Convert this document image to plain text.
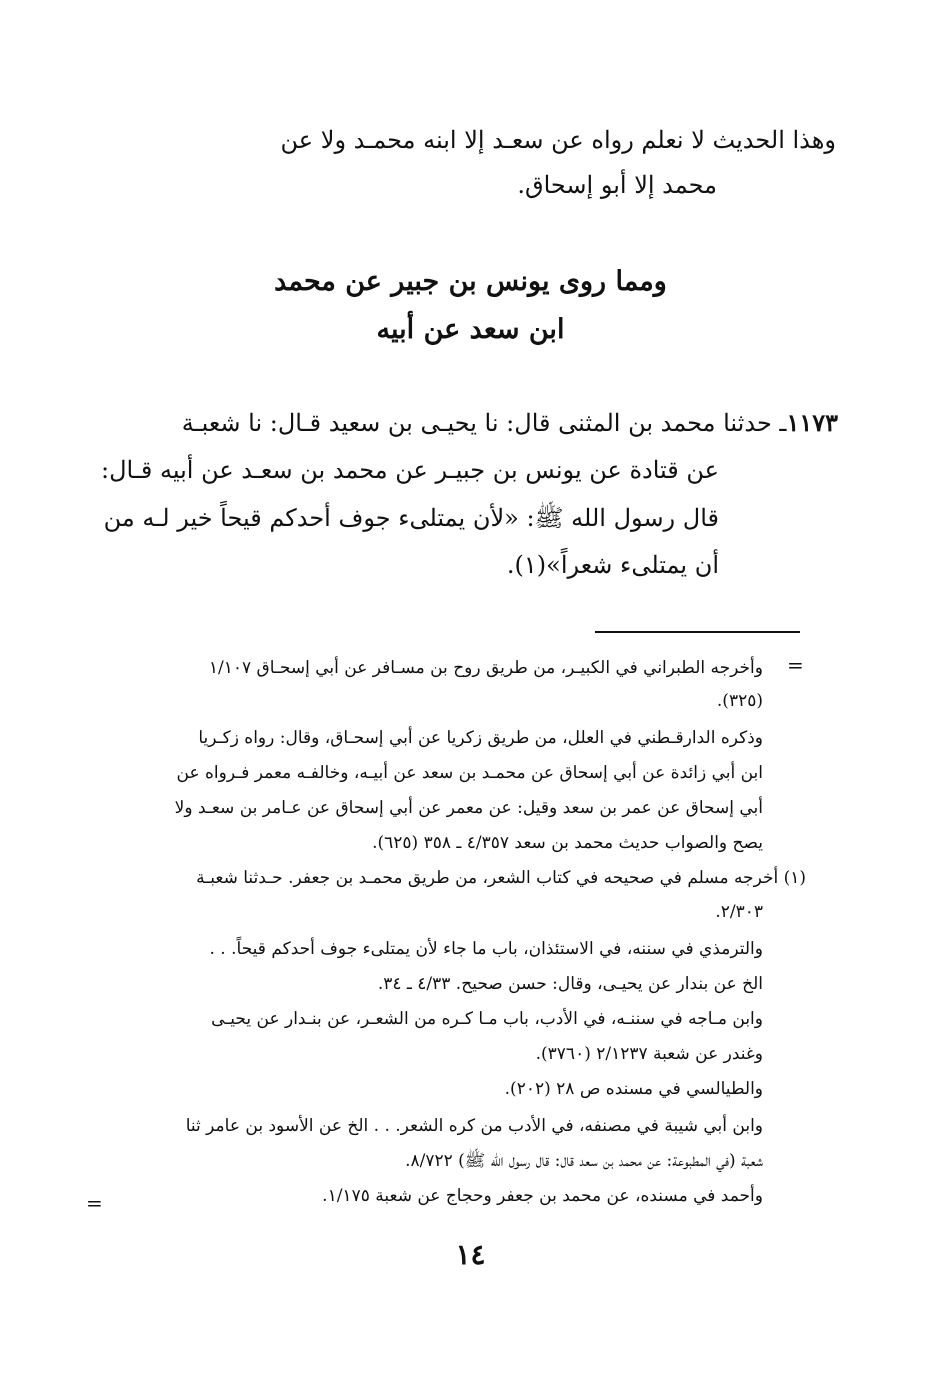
وهذا الحديث لا نعلم رواه عن سعـد إلا ابنه محمـد ولا عن
محمد إلا أبو إسحاق.
ومما روى يونس بن جبير عن محمد
ابن سعد عن أبيه
١١٧٣ـ حدثنا محمد بن المثنى قال: نا يحيـى بن سعيد قـال: نا شعبـة
عن قتادة عن يونس بن جبيـر عن محمد بن سعـد عن أبيه قـال:
قال رسول الله ﷺ: «لأن يمتلىء جوف أحدكم قيحاً خير لـه من
أن يمتلىء شعراً»(١).
=
وأخرجه الطبراني في الكبيـر، من طريق روح بن مسـافر عن أبي إسحـاق ١/١٠٧
(٣٢٥).
وذكره الدارقـطني في العلل، من طريق زكريا عن أبي إسحـاق، وقال: رواه زكـريا
ابن أبي زائدة عن أبي إسحاق عن محمـد بن سعد عن أبيـه، وخالفـه معمر فـرواه عن
أبي إسحاق عن عمر بن سعد وقيل: عن معمر عن أبي إسحاق عن عـامر بن سعـد ولا
يصح والصواب حديث محمد بن سعد ٤/٣٥٧ ـ ٣٥٨ (٦٢٥).
(١) أخرجه مسلم في صحيحه في كتاب الشعر، من طريق محمـد بن جعفر. حـدثنا شعبـة
٢/٣٠٣.
والترمذي في سننه، في الاستئذان، باب ما جاء لأن يمتلىء جوف أحدكم قيحاً. . .
الخ عن بندار عن يحيـى، وقال: حسن صحيح. ٤/٣٣ ـ ٣٤.
وابن مـاجه في سننـه، في الأدب، باب مـا كـره من الشعـر، عن بنـدار عن يحيـى
وغندر عن شعبة ٢/١٢٣٧ (٣٧٦٠).
والطيالسي في مسنده ص ٢٨ (٢٠٢).
وابن أبي شيبة في مصنفه، في الأدب من كره الشعر. . . الخ عن الأسود بن عامر ثنا
شعبة (في المطبوعة: عن محمد بن سعد قال: قال رسول الله ﷺ) ٨/٧٢٢.
وأحمد في مسنده، عن محمد بن جعفر وحجاج عن شعبة ١/١٧٥.
=
١٤
